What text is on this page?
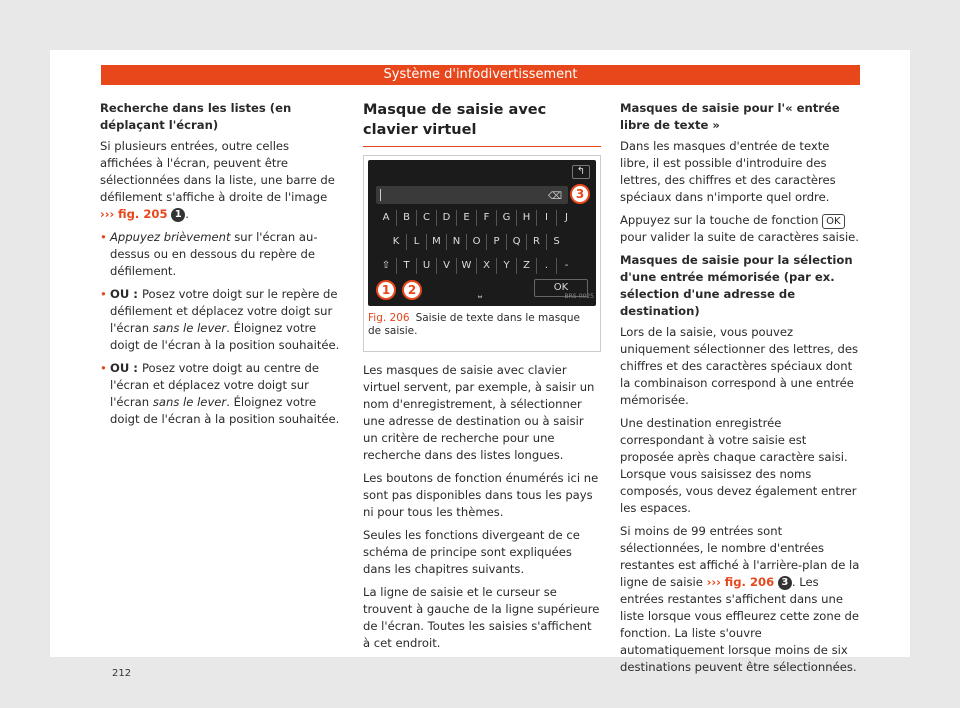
Système d'infodivertissement
Recherche dans les listes (en déplaçant l'écran)

Si plusieurs entrées, outre celles affichées à l'écran, peuvent être sélectionnées dans la liste, une barre de défilement s'affiche à droite de l'image ››› fig. 205 1 .

• Appuyez brièvement sur l'écran au-dessus ou en dessous du repère de défilement.
• OU : Posez votre doigt sur le repère de défilement et déplacez votre doigt sur l'écran sans le lever. Éloignez votre doigt de l'écran à la position souhaitée.
• OU : Posez votre doigt au centre de l'écran et déplacez votre doigt sur l'écran sans le lever. Éloignez votre doigt de l'écran à la position souhaitée.
Masque de saisie avec clavier virtuel
↰
⌫
A	B	C	D	E	F	G	H	I	J
K	L	M	N	O	P	Q	R	S
⇧	T	U	V	W	X	Y	Z	.	-
⎵	OK
1	2
3
BRS-0025
Fig. 206 Saisie de texte dans le masque de saisie.

Les masques de saisie avec clavier virtuel servent, par exemple, à saisir un nom d'enregistrement, à sélectionner une adresse de destination ou à saisir un critère de recherche pour une recherche dans des listes longues.

Les boutons de fonction énumérés ici ne sont pas disponibles dans tous les pays ni pour tous les thèmes.

Seules les fonctions divergeant de ce schéma de principe sont expliquées dans les chapitres suivants.

La ligne de saisie et le curseur se trouvent à gauche de la ligne supérieure de l'écran. Toutes les saisies s'affichent à cet endroit.

Masques de saisie pour l'« entrée libre de texte »

Dans les masques d'entrée de texte libre, il est possible d'introduire des lettres, des chiffres et des caractères spéciaux dans n'importe quel ordre.

Appuyez sur la touche de fonction OK pour valider la suite de caractères saisie.

Masques de saisie pour la sélection d'une entrée mémorisée (par ex. sélection d'une adresse de destination)

Lors de la saisie, vous pouvez uniquement sélectionner des lettres, des chiffres et des caractères spéciaux dont la combinaison correspond à une entrée mémorisée.

Une destination enregistrée correspondant à votre saisie est proposée après chaque caractère saisi. Lorsque vous saisissez des noms composés, vous devez également entrer les espaces.

Si moins de 99 entrées sont sélectionnées, le nombre d'entrées restantes est affiché à l'arrière-plan de la ligne de saisie ››› fig. 206 3 . Les entrées restantes s'affichent dans une liste lorsque vous effleurez cette zone de fonction. La liste s'ouvre automatiquement lorsque moins de six destinations peuvent être sélectionnées.

212
